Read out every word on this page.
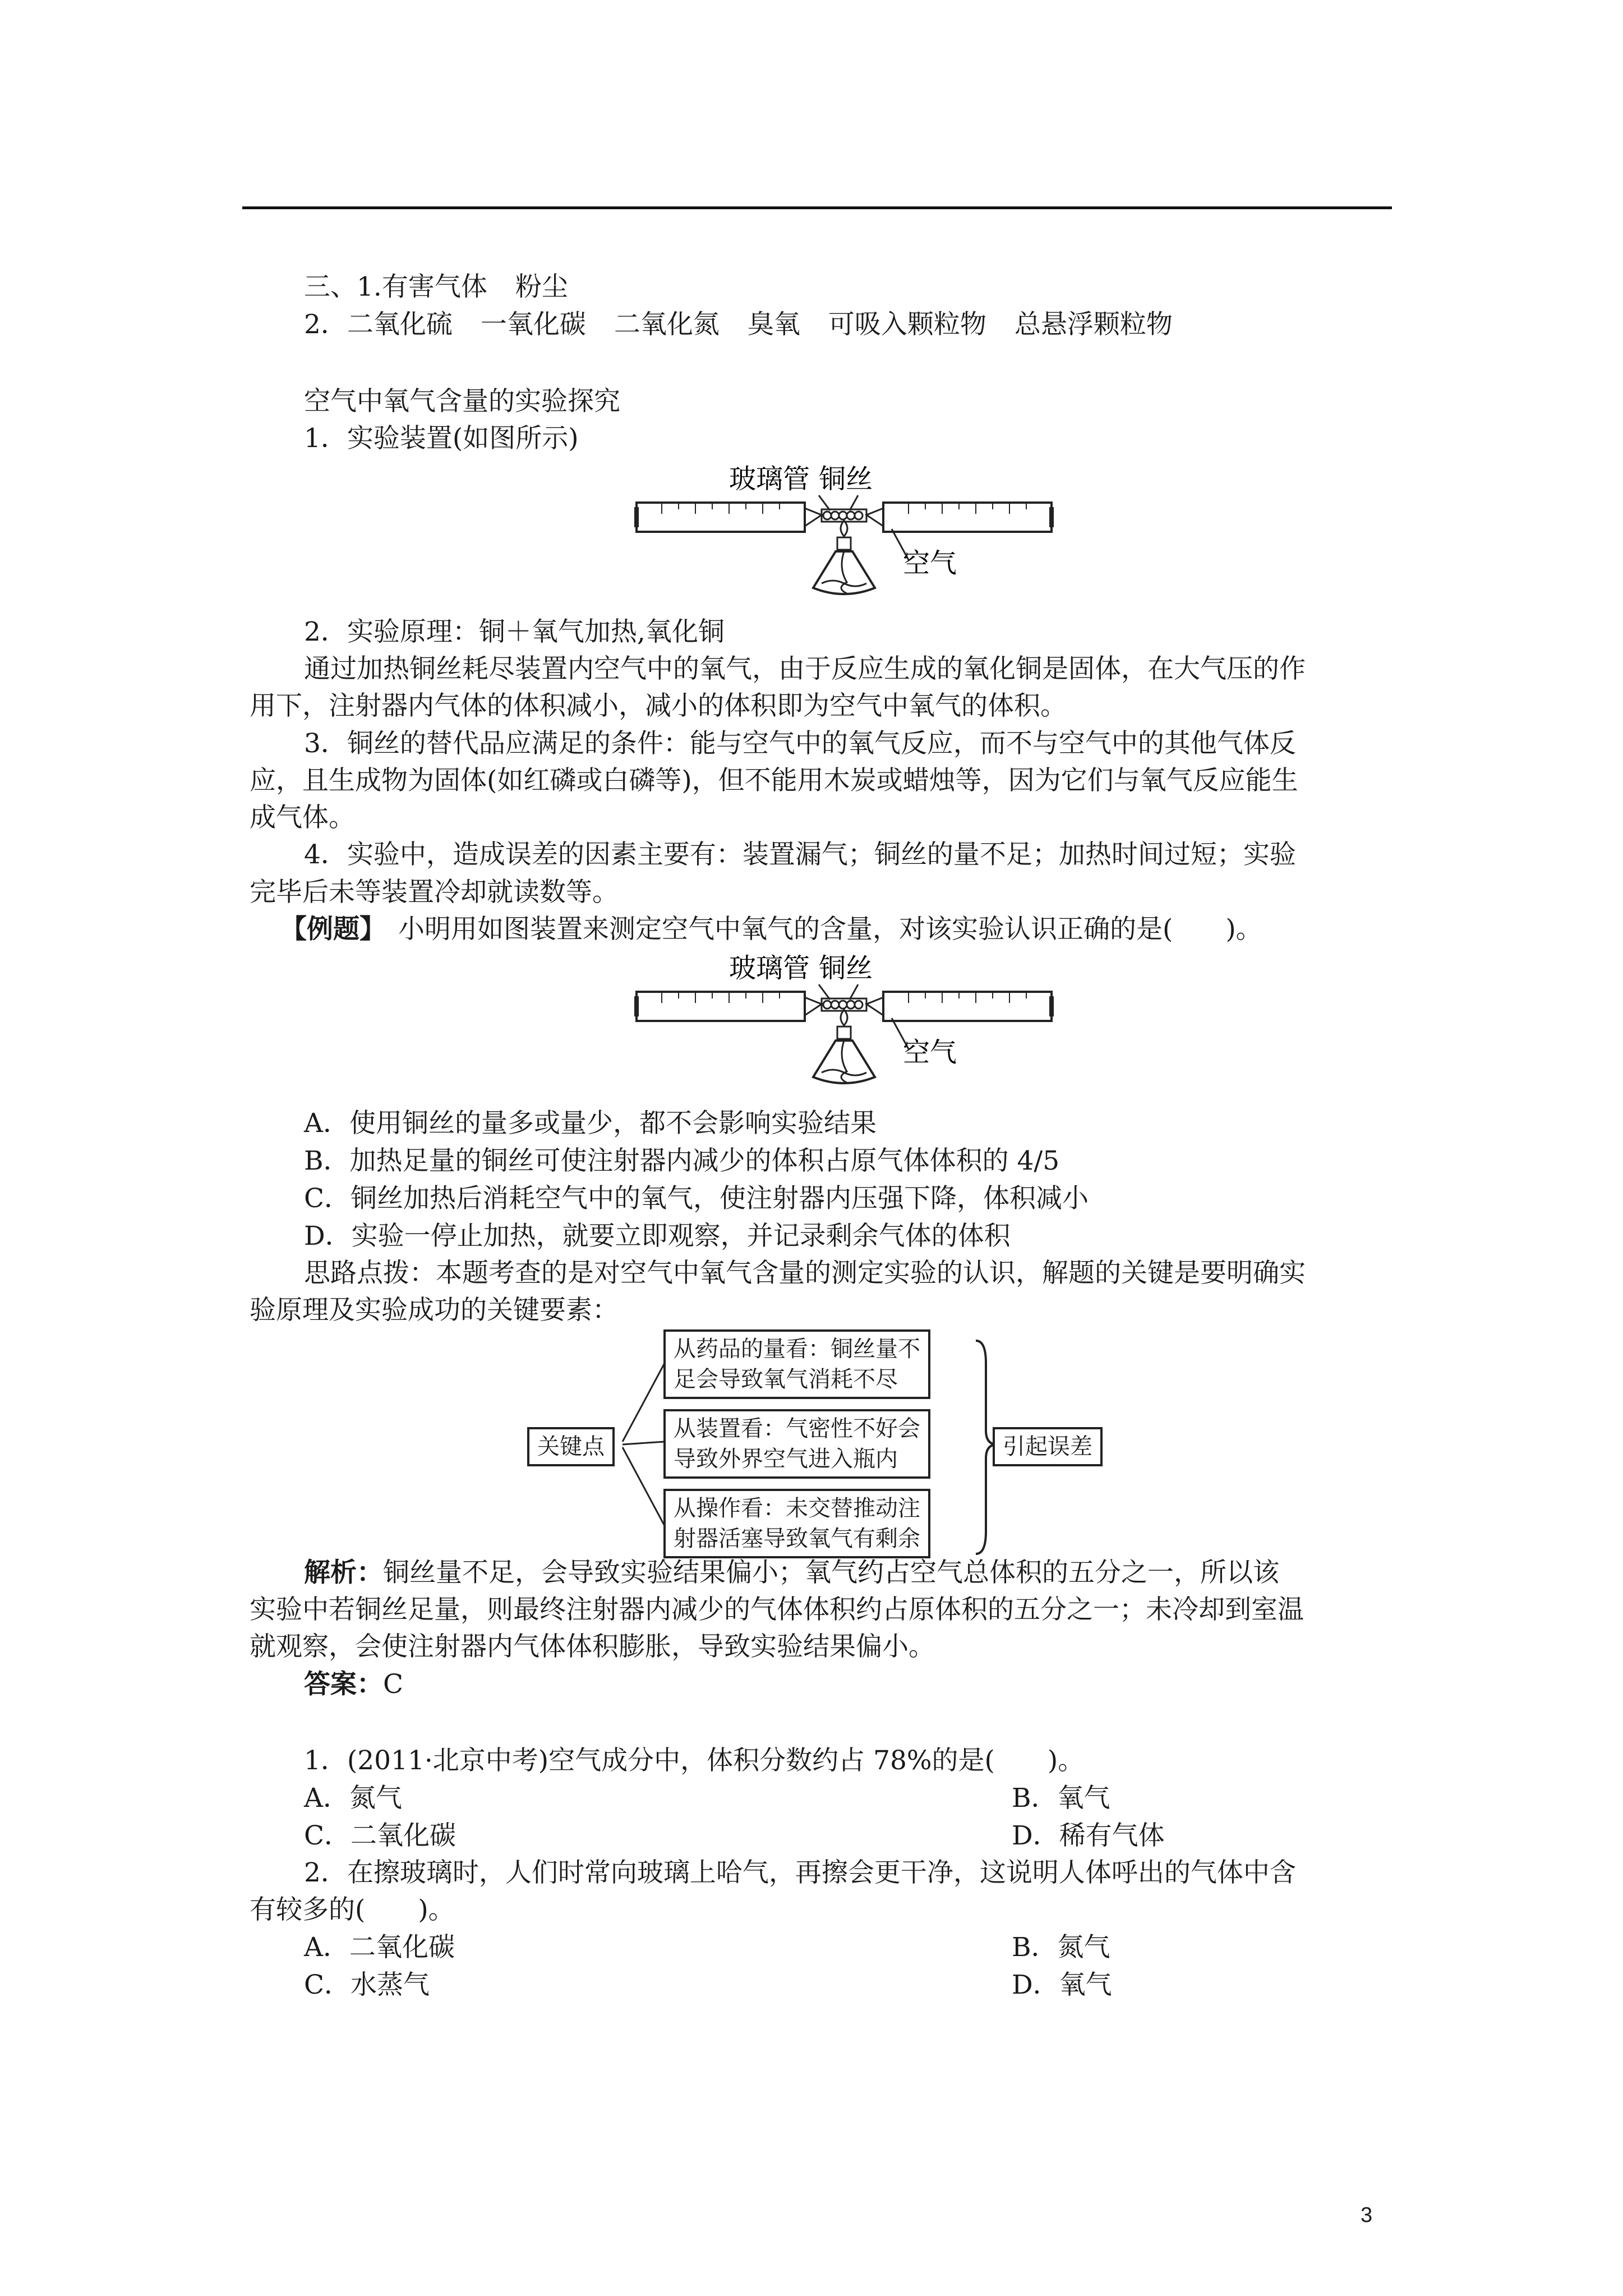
三、1.有害气体 粉尘
2．二氧化硫 一氧化碳 二氧化氮 臭氧 可吸入颗粒物 总悬浮颗粒物
空气中氧气含量的实验探究
1．实验装置(如图所示)
玻璃管 铜丝
空气
2．实验原理：铜＋氧气加热,氧化铜
通过加热铜丝耗尽装置内空气中的氧气，由于反应生成的氧化铜是固体，在大气压的作
用下，注射器内气体的体积减小，减小的体积即为空气中氧气的体积。
3．铜丝的替代品应满足的条件：能与空气中的氧气反应，而不与空气中的其他气体反
应，且生成物为固体(如红磷或白磷等)，但不能用木炭或蜡烛等，因为它们与氧气反应能生
成气体。
4．实验中，造成误差的因素主要有：装置漏气；铜丝的量不足；加热时间过短；实验
完毕后未等装置冷却就读数等。
【例题】 小明用如图装置来测定空气中氧气的含量，对该实验认识正确的是(　　)。
玻璃管 铜丝
空气
A．使用铜丝的量多或量少，都不会影响实验结果
B．加热足量的铜丝可使注射器内减少的体积占原气体体积的 4/5
C．铜丝加热后消耗空气中的氧气，使注射器内压强下降，体积减小
D．实验一停止加热，就要立即观察，并记录剩余气体的体积
思路点拨：本题考查的是对空气中氧气含量的测定实验的认识，解题的关键是要明确实
验原理及实验成功的关键要素：
关键点
从药品的量看：铜丝量不
足会导致氧气消耗不尽
从装置看：气密性不好会
导致外界空气进入瓶内
从操作看：未交替推动注
射器活塞导致氧气有剩余
引起误差
解析：铜丝量不足，会导致实验结果偏小；氧气约占空气总体积的五分之一，所以该
实验中若铜丝足量，则最终注射器内减少的气体体积约占原体积的五分之一；未冷却到室温
就观察，会使注射器内气体体积膨胀，导致实验结果偏小。
答案：C
1．(2011·北京中考)空气成分中，体积分数约占 78%的是(　　)。
A．氮气	B．氧气
C．二氧化碳	D．稀有气体
2．在擦玻璃时，人们时常向玻璃上哈气，再擦会更干净，这说明人体呼出的气体中含
有较多的(　　)。
A．二氧化碳	B．氮气
C．水蒸气	D．氧气
3
